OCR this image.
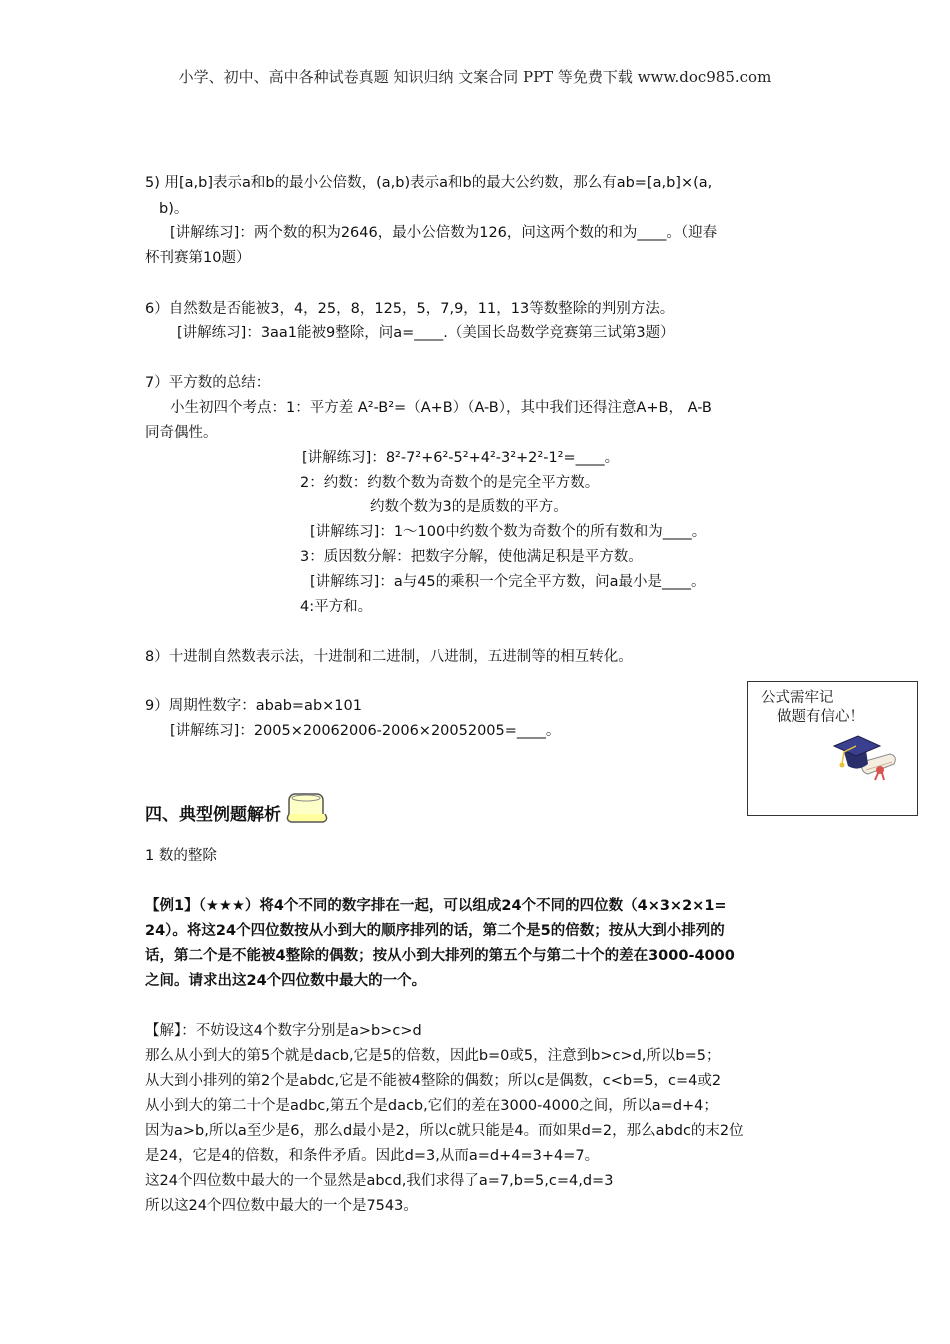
小学、初中、高中各种试卷真题 知识归纳 文案合同 PPT 等免费下载 www.doc985.com
5) 用[a,b]表示a和b的最小公倍数，(a,b)表示a和b的最大公约数，那么有ab=[a,b]×(a,
b)。
[讲解练习]：两个数的积为2646，最小公倍数为126，问这两个数的和为____。（迎春
杯刊赛第10题）
6）自然数是否能被3，4，25，8，125，5，7,9，11，13等数整除的判别方法。
[讲解练习]：3aa1能被9整除，问a=____.（美国长岛数学竞赛第三试第3题）
7）平方数的总结：
小生初四个考点：1：平方差 A²-B²=（A+B）（A-B），其中我们还得注意A+B， A-B
同奇偶性。
[讲解练习]：8²-7²+6²-5²+4²-3²+2²-1²=____。
2：约数：约数个数为奇数个的是完全平方数。
约数个数为3的是质数的平方。
[讲解练习]：1～100中约数个数为奇数个的所有数和为____。
3：质因数分解：把数字分解，使他满足积是平方数。
[讲解练习]：a与45的乘积一个完全平方数，问a最小是____。
4:平方和。
8）十进制自然数表示法，十进制和二进制，八进制，五进制等的相互转化。
9）周期性数字：abab=ab×101
[讲解练习]：2005×20062006-2006×20052005=____。
四、典型例题解析
1 数的整除
【例1】（★★★）将4个不同的数字排在一起，可以组成24个不同的四位数（4×3×2×1=
24）。将这24个四位数按从小到大的顺序排列的话，第二个是5的倍数；按从大到小排列的
话，第二个是不能被4整除的偶数；按从小到大排列的第五个与第二十个的差在3000-4000
之间。请求出这24个四位数中最大的一个。
【解】：不妨设这4个数字分别是a>b>c>d
那么从小到大的第5个就是dacb,它是5的倍数，因此b=0或5，注意到b>c>d,所以b=5；
从大到小排列的第2个是abdc,它是不能被4整除的偶数；所以c是偶数，c<b=5，c=4或2
从小到大的第二十个是adbc,第五个是dacb,它们的差在3000-4000之间，所以a=d+4；
因为a>b,所以a至少是6，那么d最小是2，所以c就只能是4。而如果d=2，那么abdc的末2位
是24，它是4的倍数，和条件矛盾。因此d=3,从而a=d+4=3+4=7。
这24个四位数中最大的一个显然是abcd,我们求得了a=7,b=5,c=4,d=3
所以这24个四位数中最大的一个是7543。
公式需牢记
做题有信心！
